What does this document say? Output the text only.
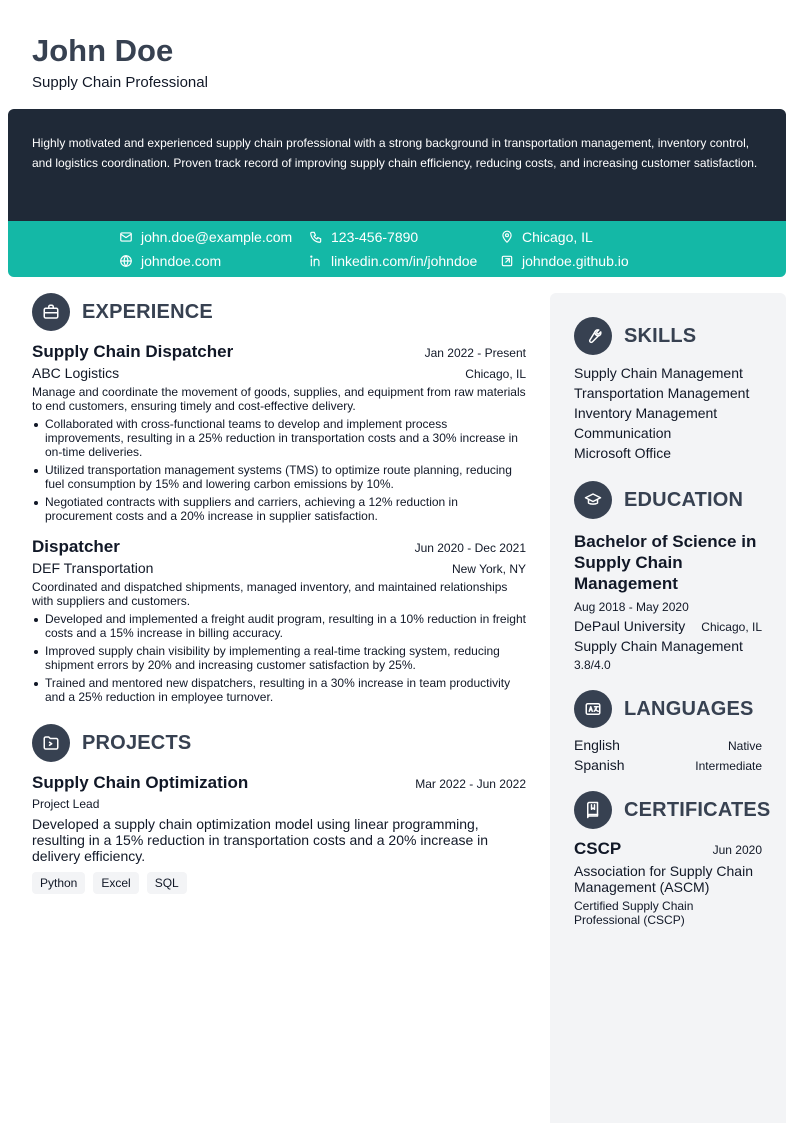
John Doe
Supply Chain Professional

Highly motivated and experienced supply chain professional with a strong background in transportation management, inventory control, and logistics coordination. Proven track record of improving supply chain efficiency, reducing costs, and increasing customer satisfaction.

john.doe@example.com	123-456-7890	Chicago, IL
johndoe.com	linkedin.com/in/johndoe	johndoe.github.io
EXPERIENCE
Supply Chain Dispatcher	Jan 2022 - Present
ABC Logistics	Chicago, IL
Manage and coordinate the movement of goods, supplies, and equipment from raw materials to end customers, ensuring timely and cost-effective delivery.
Collaborated with cross-functional teams to develop and implement process improvements, resulting in a 25% reduction in transportation costs and a 30% increase in on-time deliveries.
Utilized transportation management systems (TMS) to optimize route planning, reducing fuel consumption by 15% and lowering carbon emissions by 10%.
Negotiated contracts with suppliers and carriers, achieving a 12% reduction in procurement costs and a 20% increase in supplier satisfaction.
Dispatcher	Jun 2020 - Dec 2021
DEF Transportation	New York, NY
Coordinated and dispatched shipments, managed inventory, and maintained relationships with suppliers and customers.
Developed and implemented a freight audit program, resulting in a 10% reduction in freight costs and a 15% increase in billing accuracy.
Improved supply chain visibility by implementing a real-time tracking system, reducing shipment errors by 20% and increasing customer satisfaction by 25%.
Trained and mentored new dispatchers, resulting in a 30% increase in team productivity and a 25% reduction in employee turnover.
PROJECTS
Supply Chain Optimization	Mar 2022 - Jun 2022
Project Lead
Developed a supply chain optimization model using linear programming, resulting in a 15% reduction in transportation costs and a 20% increase in delivery efficiency.
Python	Excel	SQL
SKILLS
Supply Chain Management
Transportation Management
Inventory Management
Communication
Microsoft Office
EDUCATION
Bachelor of Science in Supply Chain Management
Aug 2018 - May 2020
DePaul University Chicago, IL
Supply Chain Management
3.8/4.0
LANGUAGES
English	Native
Spanish	Intermediate
CERTIFICATES
CSCP	Jun 2020
Association for Supply Chain Management (ASCM)
Certified Supply Chain Professional (CSCP)
